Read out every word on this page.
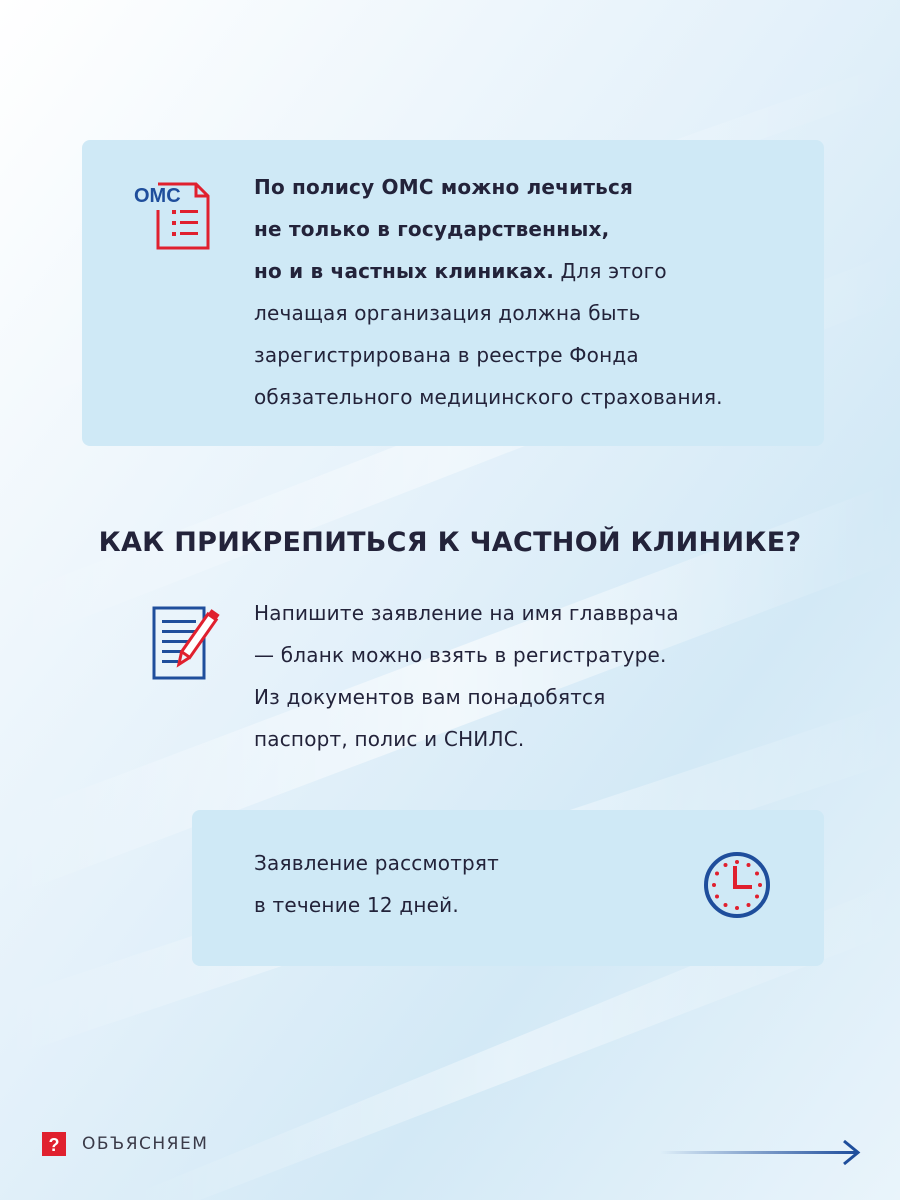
ОМС	По полису ОМС можно лечиться
не только в государственных,
но и в частных клиниках. Для этого
лечащая организация должна быть
зарегистрирована в реестре Фонда
обязательного медицинского страхования.
КАК ПРИКРЕПИТЬСЯ К ЧАСТНОЙ КЛИНИКЕ?
Напишите заявление на имя главврача
— бланк можно взять в регистратуре.
Из документов вам понадобятся
паспорт, полис и СНИЛС.
Заявление рассмотрят
в течение 12 дней.
? ОБЪЯСНЯЕМ
